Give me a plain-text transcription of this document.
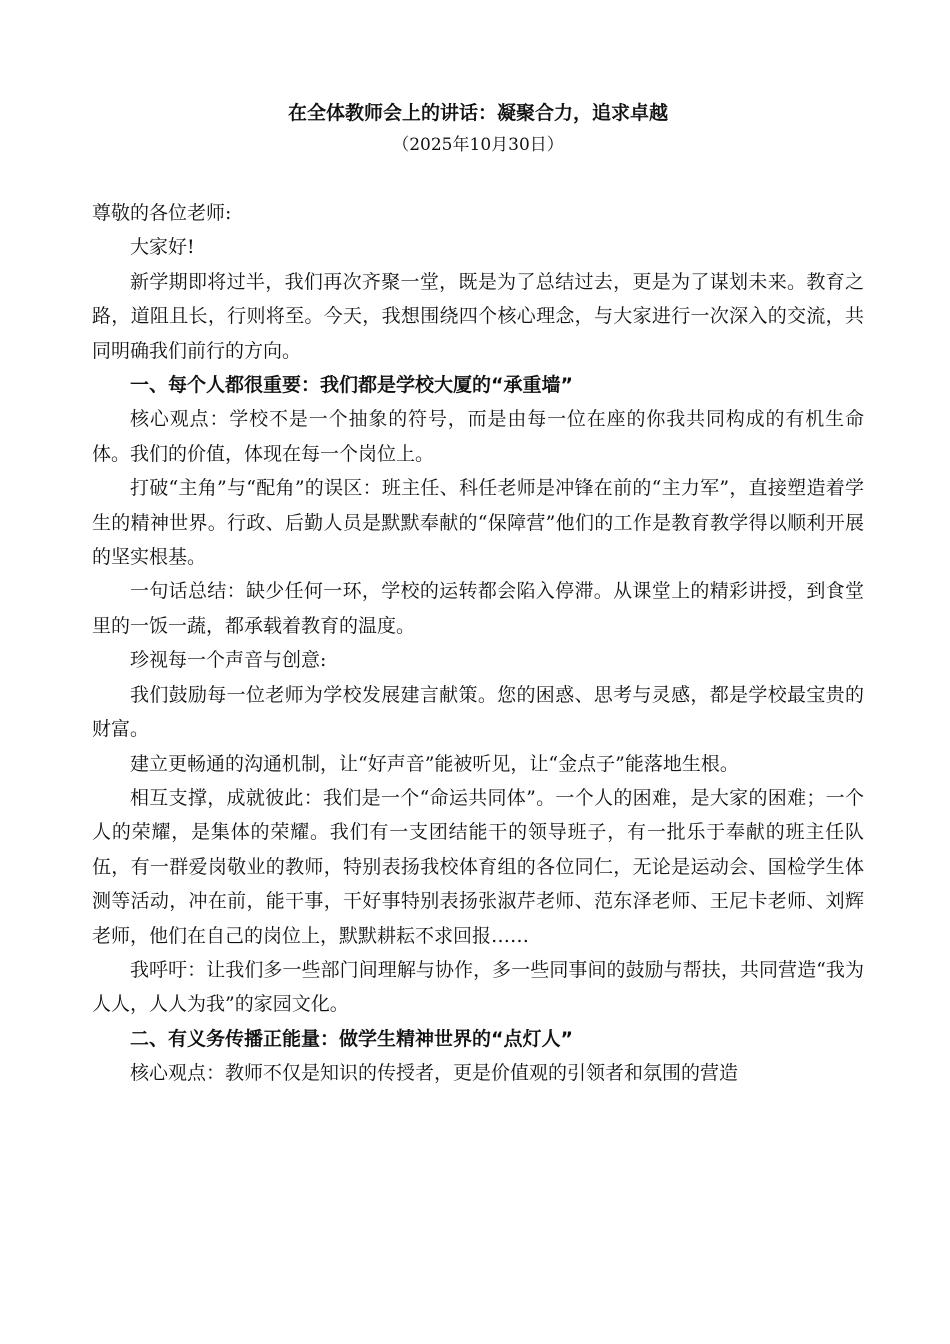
在全体教师会上的讲话：凝聚合力，追求卓越

（2025年10月30日）

尊敬的各位老师:

大家好!

新学期即将过半，我们再次齐聚一堂，既是为了总结过去，更是为了谋划未来。教育之路，道阻且长，行则将至。今天，我想围绕四个核心理念，与大家进行一次深入的交流，共同明确我们前行的方向。

一、每个人都很重要：我们都是学校大厦的“承重墙”

核心观点：学校不是一个抽象的符号，而是由每一位在座的你我共同构成的有机生命体。我们的价值，体现在每一个岗位上。

打破“主角”与“配角”的误区：班主任、科任老师是冲锋在前的“主力军”，直接塑造着学生的精神世界。行政、后勤人员是默默奉献的“保障营”他们的工作是教育教学得以顺利开展的坚实根基。

一句话总结：缺少任何一环，学校的运转都会陷入停滞。从课堂上的精彩讲授，到食堂里的一饭一蔬，都承载着教育的温度。

珍视每一个声音与创意:

我们鼓励每一位老师为学校发展建言献策。您的困惑、思考与灵感，都是学校最宝贵的财富。

建立更畅通的沟通机制，让“好声音”能被听见，让“金点子”能落地生根。

相互支撑，成就彼此：我们是一个“命运共同体”。一个人的困难，是大家的困难；一个人的荣耀，是集体的荣耀。我们有一支团结能干的领导班子，有一批乐于奉献的班主任队伍，有一群爱岗敬业的教师，特别表扬我校体育组的各位同仁，无论是运动会、国检学生体测等活动，冲在前，能干事，干好事特别表扬张淑芹老师、范东泽老师、王尼卡老师、刘辉老师，他们在自己的岗位上，默默耕耘不求回报……

我呼吁：让我们多一些部门间理解与协作，多一些同事间的鼓励与帮扶，共同营造“我为人人，人人为我”的家园文化。

二、有义务传播正能量：做学生精神世界的“点灯人”

核心观点：教师不仅是知识的传授者，更是价值观的引领者和氛围的营造
